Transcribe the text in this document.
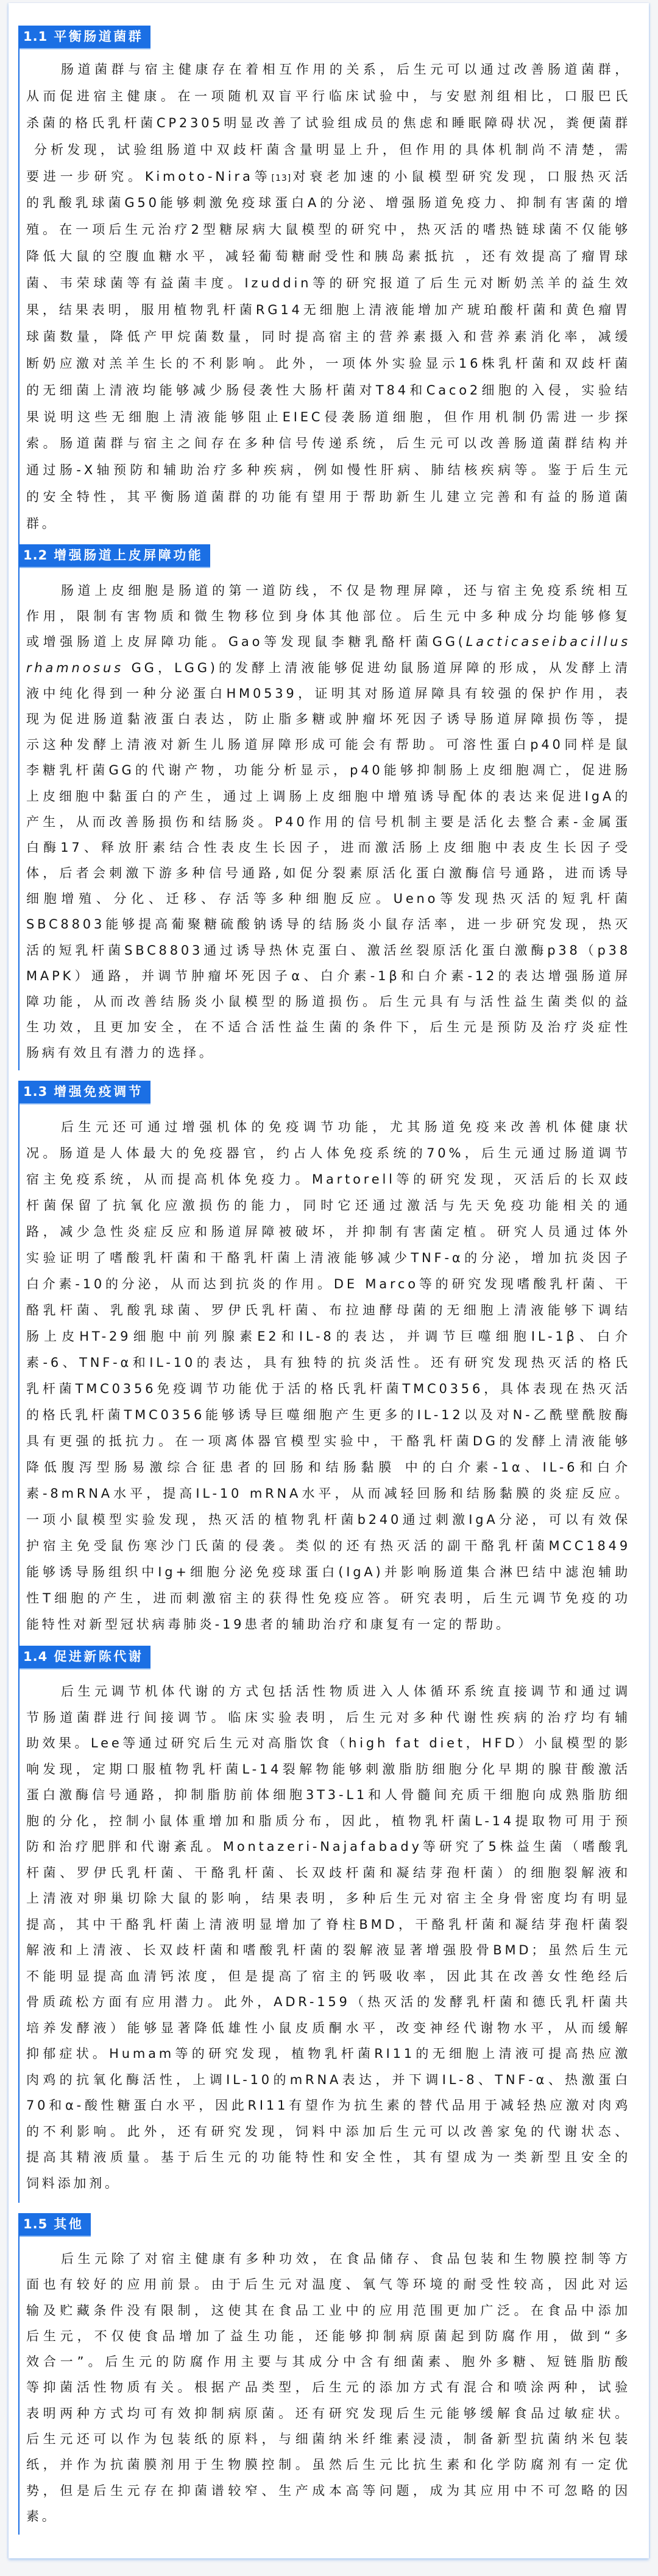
1.1 平衡肠道菌群
肠道菌群与宿主健康存在着相互作用的关系，后生元可以通过改善肠道菌群，
从而促进宿主健康。在一项随机双盲平行临床试验中，与安慰剂组相比，口服巴氏
杀菌的格氏乳杆菌CP2305明显改善了试验组成员的焦虑和睡眠障碍状况，粪便菌群
分析发现，试验组肠道中双歧杆菌含量明显上升，但作用的具体机制尚不清楚，需
要进一步研究。Kimoto-Nira等[13]对衰老加速的小鼠模型研究发现，口服热灭活
的乳酸乳球菌G50能够刺激免疫球蛋白A的分泌、增强肠道免疫力、抑制有害菌的增
殖。在一项后生元治疗2型糖尿病大鼠模型的研究中，热灭活的嗜热链球菌不仅能够
降低大鼠的空腹血糖水平，减轻葡萄糖耐受性和胰岛素抵抗 ，还有效提高了瘤胃球
菌、韦荣球菌等有益菌丰度。Izuddin等的研究报道了后生元对断奶羔羊的益生效
果，结果表明，服用植物乳杆菌RG14无细胞上清液能增加产琥珀酸杆菌和黄色瘤胃
球菌数量，降低产甲烷菌数量，同时提高宿主的营养素摄入和营养素消化率，减缓
断奶应激对羔羊生长的不利影响。此外，一项体外实验显示16株乳杆菌和双歧杆菌
的无细菌上清液均能够减少肠侵袭性大肠杆菌对T84和Caco2细胞的入侵，实验结
果说明这些无细胞上清液能够阻止EIEC侵袭肠道细胞，但作用机制仍需进一步探
索。肠道菌群与宿主之间存在多种信号传递系统，后生元可以改善肠道菌群结构并
通过肠-X轴预防和辅助治疗多种疾病，例如慢性肝病、肺结核疾病等。鉴于后生元
的安全特性，其平衡肠道菌群的功能有望用于帮助新生儿建立完善和有益的肠道菌
群。
1.2 增强肠道上皮屏障功能
肠道上皮细胞是肠道的第一道防线，不仅是物理屏障，还与宿主免疫系统相互
作用，限制有害物质和微生物移位到身体其他部位。后生元中多种成分均能够修复
或增强肠道上皮屏障功能。Gao等发现鼠李糖乳酪杆菌GG(Lacticaseibacillus
rhamnosus GG，LGG)的发酵上清液能够促进幼鼠肠道屏障的形成，从发酵上清
液中纯化得到一种分泌蛋白HM0539，证明其对肠道屏障具有较强的保护作用，表
现为促进肠道黏液蛋白表达，防止脂多糖或肿瘤坏死因子诱导肠道屏障损伤等，提
示这种发酵上清液对新生儿肠道屏障形成可能会有帮助。可溶性蛋白p40同样是鼠
李糖乳杆菌GG的代谢产物，功能分析显示，p40能够抑制肠上皮细胞凋亡，促进肠
上皮细胞中黏蛋白的产生，通过上调肠上皮细胞中增殖诱导配体的表达来促进IgA的
产生，从而改善肠损伤和结肠炎。P40作用的信号机制主要是活化去整合素-金属蛋
白酶17、释放肝素结合性表皮生长因子，进而激活肠上皮细胞中表皮生长因子受
体，后者会刺激下游多种信号通路,如促分裂素原活化蛋白激酶信号通路，进而诱导
细胞增殖、分化、迁移、存活等多种细胞反应。Ueno等发现热灭活的短乳杆菌
SBC8803能够提高葡聚糖硫酸钠诱导的结肠炎小鼠存活率，进一步研究发现，热灭
活的短乳杆菌SBC8803通过诱导热休克蛋白、激活丝裂原活化蛋白激酶p38（p38
MAPK）通路，并调节肿瘤坏死因子α、白介素-1β和白介素-12的表达增强肠道屏
障功能，从而改善结肠炎小鼠模型的肠道损伤。后生元具有与活性益生菌类似的益
生功效，且更加安全，在不适合活性益生菌的条件下，后生元是预防及治疗炎症性
肠病有效且有潜力的选择。
1.3 增强免疫调节
后生元还可通过增强机体的免疫调节功能，尤其肠道免疫来改善机体健康状
况。肠道是人体最大的免疫器官，约占人体免疫系统的70%，后生元通过肠道调节
宿主免疫系统，从而提高机体免疫力。Martorell等的研究发现，灭活后的长双歧
杆菌保留了抗氧化应激损伤的能力，同时它还通过激活与先天免疫功能相关的通
路，减少急性炎症反应和肠道屏障被破坏，并抑制有害菌定植。研究人员通过体外
实验证明了嗜酸乳杆菌和干酪乳杆菌上清液能够减少TNF-α的分泌，增加抗炎因子
白介素-10的分泌，从而达到抗炎的作用。DE Marco等的研究发现嗜酸乳杆菌、干
酪乳杆菌、乳酸乳球菌、罗伊氏乳杆菌、布拉迪酵母菌的无细胞上清液能够下调结
肠上皮HT-29细胞中前列腺素E2和IL-8的表达，并调节巨噬细胞IL-1β、白介
素-6、TNF-α和IL-10的表达，具有独特的抗炎活性。还有研究发现热灭活的格氏
乳杆菌TMC0356免疫调节功能优于活的格氏乳杆菌TMC0356，具体表现在热灭活
的格氏乳杆菌TMC0356能够诱导巨噬细胞产生更多的IL-12以及对N-乙酰壁酰胺酶
具有更强的抵抗力。在一项离体器官模型实验中，干酪乳杆菌DG的发酵上清液能够
降低腹泻型肠易激综合征患者的回肠和结肠黏膜 中的白介素-1α、IL-6和白介
素-8mRNA水平，提高IL-10 mRNA水平，从而减轻回肠和结肠黏膜的炎症反应。
一项小鼠模型实验发现，热灭活的植物乳杆菌b240通过刺激IgA分泌，可以有效保
护宿主免受鼠伤寒沙门氏菌的侵袭。类似的还有热灭活的副干酪乳杆菌MCC1849
能够诱导肠组织中Ig+细胞分泌免疫球蛋白(IgA)并影响肠道集合淋巴结中滤泡辅助
性T细胞的产生，进而刺激宿主的获得性免疫应答。研究表明，后生元调节免疫的功
能特性对新型冠状病毒肺炎-19患者的辅助治疗和康复有一定的帮助。
1.4 促进新陈代谢
后生元调节机体代谢的方式包括活性物质进入人体循环系统直接调节和通过调
节肠道菌群进行间接调节。临床实验表明，后生元对多种代谢性疾病的治疗均有辅
助效果。Lee等通过研究后生元对高脂饮食（high fat diet，HFD）小鼠模型的影
响发现，定期口服植物乳杆菌L-14裂解物能够刺激脂肪细胞分化早期的腺苷酸激活
蛋白激酶信号通路，抑制脂肪前体细胞3T3-L1和人骨髓间充质干细胞向成熟脂肪细
胞的分化，控制小鼠体重增加和脂质分布，因此，植物乳杆菌L-14提取物可用于预
防和治疗肥胖和代谢紊乱。Montazeri-Najafabady等研究了5株益生菌（嗜酸乳
杆菌、罗伊氏乳杆菌、干酪乳杆菌、长双歧杆菌和凝结芽孢杆菌）的细胞裂解液和
上清液对卵巢切除大鼠的影响，结果表明，多种后生元对宿主全身骨密度均有明显
提高，其中干酪乳杆菌上清液明显增加了脊柱BMD，干酪乳杆菌和凝结芽孢杆菌裂
解液和上清液、长双歧杆菌和嗜酸乳杆菌的裂解液显著增强股骨BMD；虽然后生元
不能明显提高血清钙浓度，但是提高了宿主的钙吸收率，因此其在改善女性绝经后
骨质疏松方面有应用潜力。此外，ADR-159（热灭活的发酵乳杆菌和德氏乳杆菌共
培养发酵液）能够显著降低雄性小鼠皮质酮水平，改变神经代谢物水平，从而缓解
抑郁症状。Humam等的研究发现，植物乳杆菌RI11的无细胞上清液可提高热应激
肉鸡的抗氧化酶活性，上调IL-10的mRNA表达，并下调IL-8、TNF-α、热激蛋白
70和α-酸性糖蛋白水平，因此RI11有望作为抗生素的替代品用于减轻热应激对肉鸡
的不利影响。此外，还有研究发现，饲料中添加后生元可以改善家兔的代谢状态、
提高其精液质量。基于后生元的功能特性和安全性，其有望成为一类新型且安全的
饲料添加剂。
1.5 其他
后生元除了对宿主健康有多种功效，在食品储存、食品包装和生物膜控制等方
面也有较好的应用前景。由于后生元对温度、氧气等环境的耐受性较高，因此对运
输及贮藏条件没有限制，这使其在食品工业中的应用范围更加广泛。在食品中添加
后生元，不仅使食品增加了益生功能，还能够抑制病原菌起到防腐作用，做到“多
效合一”。后生元的防腐作用主要与其成分中含有细菌素、胞外多糖、短链脂肪酸
等抑菌活性物质有关。根据产品类型，后生元的添加方式有混合和喷涂两种，试验
表明两种方式均可有效抑制病原菌。还有研究发现后生元能够缓解食品过敏症状。
后生元还可以作为包装纸的原料，与细菌纳米纤维素浸渍，制备新型抗菌纳米包装
纸，并作为抗菌膜剂用于生物膜控制。虽然后生元比抗生素和化学防腐剂有一定优
势，但是后生元存在抑菌谱较窄、生产成本高等问题，成为其应用中不可忽略的因
素。
